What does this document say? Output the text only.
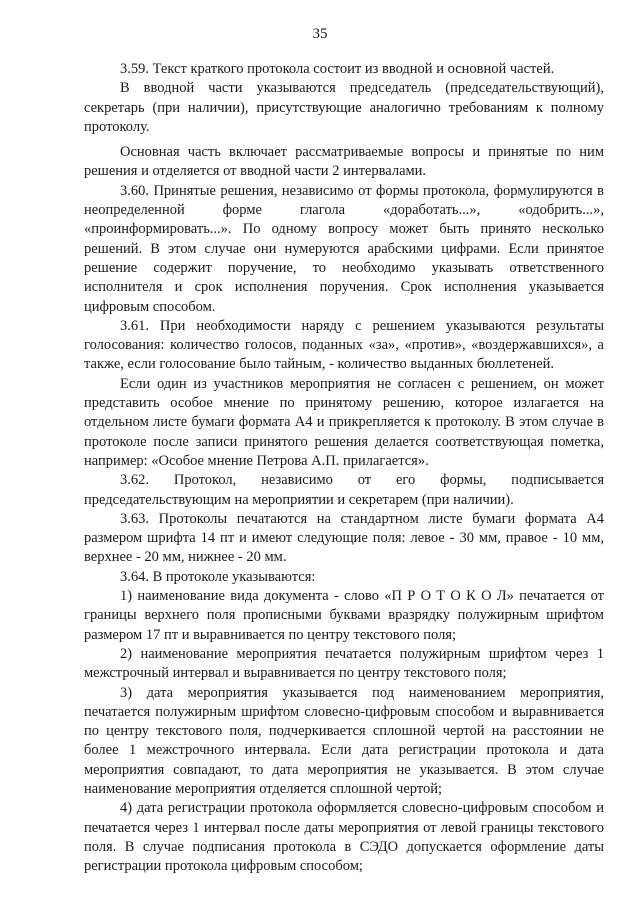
35

3.59. Текст краткого протокола состоит из вводной и основной частей.

В вводной части указываются председатель (председательствующий), секретарь (при наличии), присутствующие аналогично требованиям к полному протоколу.

Основная часть включает рассматриваемые вопросы и принятые по ним решения и отделяется от вводной части 2 интервалами.

3.60. Принятые решения, независимо от формы протокола, формулируются в неопределенной форме глагола «доработать...», «одобрить...», «проинформировать...». По одному вопросу может быть принято несколько решений. В этом случае они нумеруются арабскими цифрами. Если принятое решение содержит поручение, то необходимо указывать ответственного исполнителя и срок исполнения поручения. Срок исполнения указывается цифровым способом.

3.61. При необходимости наряду с решением указываются результаты голосования: количество голосов, поданных «за», «против», «воздержавшихся», а также, если голосование было тайным, - количество выданных бюллетеней.

Если один из участников мероприятия не согласен с решением, он может представить особое мнение по принятому решению, которое излагается на отдельном листе бумаги формата А4 и прикрепляется к протоколу. В этом случае в протоколе после записи принятого решения делается соответствующая пометка, например: «Особое мнение Петрова А.П. прилагается».

3.62. Протокол, независимо от его формы, подписывается председательствующим на мероприятии и секретарем (при наличии).

3.63. Протоколы печатаются на стандартном листе бумаги формата А4 размером шрифта 14 пт и имеют следующие поля: левое - 30 мм, правое - 10 мм, верхнее - 20 мм, нижнее - 20 мм.

3.64. В протоколе указываются:

1) наименование вида документа - слово «П Р О Т О К О Л» печатается от границы верхнего поля прописными буквами вразрядку полужирным шрифтом размером 17 пт и выравнивается по центру текстового поля;

2) наименование мероприятия печатается полужирным шрифтом через 1 межстрочный интервал и выравнивается по центру текстового поля;

3) дата мероприятия указывается под наименованием мероприятия, печатается полужирным шрифтом словесно-цифровым способом и выравнивается по центру текстового поля, подчеркивается сплошной чертой на расстоянии не более 1 межстрочного интервала. Если дата регистрации протокола и дата мероприятия совпадают, то дата мероприятия не указывается. В этом случае наименование мероприятия отделяется сплошной чертой;

4) дата регистрации протокола оформляется словесно-цифровым способом и печатается через 1 интервал после даты мероприятия от левой границы текстового поля. В случае подписания протокола в СЭДО допускается оформление даты регистрации протокола цифровым способом;
